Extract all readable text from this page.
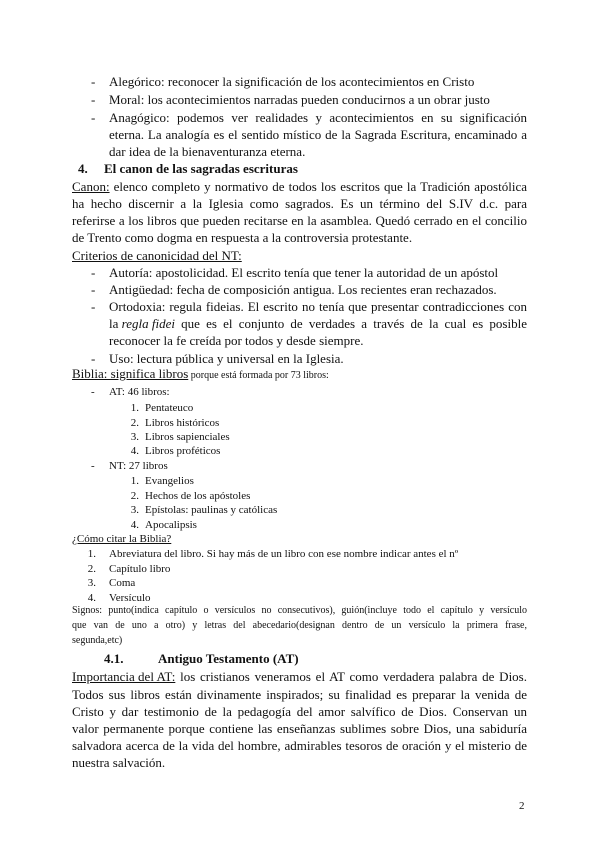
- Alegórico: reconocer la significación de los acontecimientos en Cristo
- Moral: los acontecimientos narradas pueden conducirnos a un obrar justo
- Anagógico: podemos ver realidades y acontecimientos en su significación
eterna. La analogía es el sentido místico de la Sagrada Escritura, encaminado a
dar idea de la bienaventuranza eterna.
4. El canon de las sagradas escrituras
Canon: elenco completo y normativo de todos los escritos que la Tradición apostólica
ha hecho discernir a la Iglesia como sagrados. Es un término del S.IV d.c. para
referirse a los libros que pueden recitarse en la asamblea. Quedó cerrado en el concilio
de Trento como dogma en respuesta a la controversia protestante.
Criterios de canonicidad del NT:
- Autoría: apostolicidad. El escrito tenía que tener la autoridad de un apóstol
- Antigüedad: fecha de composición antigua. Los recientes eran rechazados.
- Ortodoxia: regula fideias. El escrito no tenía que presentar contradicciones con
la regla fidei que es el conjunto de verdades a través de la cual es posible
reconocer la fe creída por todos y desde siempre.
- Uso: lectura pública y universal en la Iglesia.
Biblia: significa libros porque está formada por 73 libros:
- AT: 46 libros:
1. Pentateuco
2. Libros históricos
3. Libros sapienciales
4. Libros proféticos
- NT: 27 libros
1. Evangelios
2. Hechos de los apóstoles
3. Epístolas: paulinas y católicas
4. Apocalipsis
¿Cómo citar la Biblia?
1. Abreviatura del libro. Si hay más de un libro con ese nombre indicar antes el nº
2. Capítulo libro
3. Coma
4. Versículo
Signos: punto(indica capítulo o versículos no consecutivos), guión(incluye todo el capítulo y versículo
que van de uno a otro) y letras del abecedario(designan dentro de un versículo la primera frase,
segunda,etc)
4.1.	Antiguo Testamento (AT)
Importancia del AT: los cristianos veneramos el AT como verdadera palabra de Dios.
Todos sus libros están divinamente inspirados; su finalidad es preparar la venida de
Cristo y dar testimonio de la pedagogía del amor salvífico de Dios. Conservan un
valor permanente porque contiene las enseñanzas sublimes sobre Dios, una sabiduría
salvadora acerca de la vida del hombre, admirables tesoros de oración y el misterio de
nuestra salvación.
2
